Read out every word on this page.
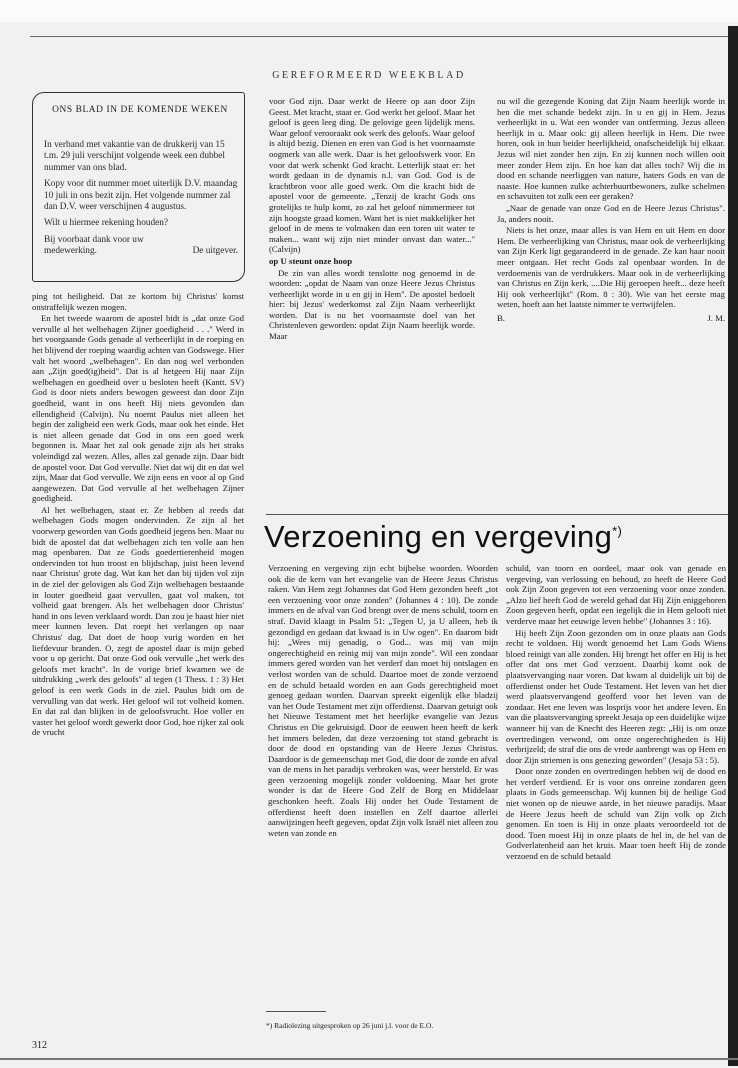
GEREFORMEERD WEEKBLAD
ONS BLAD IN DE KOMENDE WEKEN

In verband met vakantie van de drukkerij van 15 t.m. 29 juli verschijnt volgende week een dubbel nummer van ons blad.

Kopy voor dit nummer moet uiterlijk D.V. maandag 10 juli in ons bezit zijn. Het volgende nummer zal dan D.V. weer verschijnen 4 augustus.

Wilt u hiermee rekening houden?

Bij voorbaat dank voor uw medewerking.	De uitgever.

ping tot heiligheid. Dat ze kortom bij Christus' komst onstraffelijk wezen mogen.

En het tweede waarom de apostel bidt is „dat onze God vervulle al het welbehagen Zijner goedigheid . . ." Werd in het voorgaande Gods genade al verheerlijkt in de roeping en het blijvend der roeping waardig achten van Godswege. Hier valt het woord „welbehagen". En dan nog wel verbonden aan „Zijn goed(ig)heid". Dat is al hetgeen Hij naar Zijn welbehagen en goedheid over u besloten heeft (Kantt. SV) God is door niets anders bewogen geweest dan door Zijn goedheid, want in ons heeft Hij niets gevonden dan ellendigheid (Calvijn). Nu noemt Paulus niet alleen het begin der zaligheid een werk Gods, maar ook het einde. Het is niet alleen genade dat God in ons een goed werk begonnen is. Maar het zal ook genade zijn als het straks voleindigd zal wezen. Alles, alles zal genade zijn. Daar bidt de apostel voor. Dat God vervulle. Niet dat wij dit en dat wel zijn, Maar dat God vervulle. We zijn eens en voor al op God aangewezen. Dat God vervulle al het welbehagen Zijner goedigheid.

Al het welbehagen, staat er. Ze hebben al reeds dat welbehagen Gods mogen ondervinden. Ze zijn al het voorwerp geworden van Gods goedheid jegens hen. Maar nu bidt de apostel dat dat welbehagen zich ten volle aan hen mag openbaren. Dat ze Gods goedertierenheid mogen ondervinden tot hun troost en blijdschap, juist heen levend naar Christus' grote dag. Wat kan het dan bij tijden vol zijn in de ziel der gelovigen als God Zijn welbehagen bestaande in louter goedheid gaat vervullen, gaat vol maken, tot volheid gaat brengen. Als het welbehagen door Christus' hand in ons leven verklaard wordt. Dan zou je haast hier niet meer kunnen leven. Dat roept het verlangen op naar Christus' dag. Dat doet de hoop vurig worden en het liefdevuur branden. O, zegt de apostel daar is mijn gebed voor u op gericht. Dat onze God ook vervulle „het werk des geloofs met kracht". In de vorige brief kwamen we de uitdrukking „werk des geloofs" al tegen (1 Thess. 1 : 3) Het geloof is een werk Gods in de ziel. Paulus bidt om de vervulling van dat werk. Het geloof wil tot volheid komen. En dat zal dan blijken in de geloofsvrucht. Hoe voller en vaster het geloof wordt gewerkt door God, hoe rijker zal ook de vrucht

voor God zijn. Daar werkt de Heere op aan door Zijn Geest. Met kracht, staat er. God werkt het geloof. Maar het geloof is geen leeg ding. De gelovige geen lijdelijk mens. Waar geloof verooraakt ook werk des geloofs. Waar geloof is altijd bezig. Dienen en eren van God is het voornaamste oogmerk van alle werk. Daar is het geloofswerk voor. En voor dat werk schenkt God kracht. Letterlijk staat er: het wordt gedaan in de dynamis n.l. van God. God is de krachtbron voor alle goed werk. Om die kracht bidt de apostel voor de gemeente. „Tenzij de kracht Gods ons grotelijks te hulp komt, zo zal het geloof nimmermeer tot zijn hoogste graad komen. Want het is niet makkelijker het geloof in de mens te volmaken dan een toren uit water te maken... want wij zijn niet minder onvast dan water..." (Calvijn)

op U steunt onze hoop

De zin van alles wordt tenslotte nog genoemd in de woorden: „opdat de Naam van onze Heere Jezus Christus verheerlijkt worde in u en gij in Hem". De apostel bedoelt hier: bij Jezus' wederkomst zal Zijn Naam verheerlijkt worden. Dat is nu het voornaamste doel van het Christenleven geworden: opdat Zijn Naam heerlijk worde. Maar

nu wil die gezegende Koning dat Zijn Naam heerlijk worde in hen die met schande bedekt zijn. In u en gij in Hem. Jezus verheerlijkt in u. Wat een wonder van ontferming. Jezus alleen heerlijk in u. Maar ook: gij alleen heerlijk in Hem. Die twee horen, ook in hun beider heerlijkheid, onafscheidelijk bij elkaar. Jezus wil niet zonder hen zijn. En zij kunnen noch willen ooit meer zonder Hem zijn. En hoe kan dat alles toch? Wij die in dood en schande neerliggen van nature, haters Gods en van de naaste. Hoe kunnen zulke achterbuurtbewoners, zulke schelmen en schavuiten tot zulk een eer geraken?

„Naar de genade van onze God en de Heere Jezus Christus". Ja, anders nooit.

Niets is het onze, maar alles is van Hem en uit Hem en door Hem. De verheerlijking van Christus, maar ook de verheerlijking van Zijn Kerk ligt gegarandeerd in de genade. Ze kan haar nooit meer ontgaan. Het recht Gods zal openbaar worden. In de verdoemenis van de verdrukkers. Maar ook in de verheerlijking van Christus en Zijn kerk, ....Die Hij geroepen heeft... deze heeft Hij ook verheerlijkt" (Rom. 8 : 30). Wie van het eerste mag weten, hoeft aan het laatste nimmer te vertwijfelen.

B.	J. M.
Verzoening en vergeving*)

Verzoening en vergeving zijn echt bijbelse woorden. Woorden ook die de kern van het evangelie van de Heere Jezus Christus raken. Van Hem zegt Johannes dat God Hem gezonden heeft „tot een verzoening voor onze zonden" (Johannes 4 : 10). De zonde immers en de afval van God brengt over de mens schuld, toorn en straf. David klaagt in Psalm 51: „Tegen U, ja U alleen, heb ik gezondigd en gedaan dat kwaad is in Uw ogen". En daarom bidt hij: „Wees mij genadig, o God... was mij van mijn ongerechtigheid en reinig mij van mijn zonde". Wil een zondaar immers gered worden van het verderf dan moet hij ontslagen en verlost worden van de schuld. Daartoe moet de zonde verzoend en de schuld betaald worden en aan Gods gerechtigheid moet genoeg gedaan worden. Daarvan spreekt eigenlijk elke bladzij van het Oude Testament met zijn offerdienst. Daarvan getuigt ook het Nieuwe Testament met het heerlijke evangelie van Jezus Christus en Die gekruisigd. Door de eeuwen heen heeft de kerk het immers beleden, dat deze verzoening tot stand gebracht is door de dood en opstanding van de Heere Jezus Christus. Daardoor is de gemeenschap met God, die door de zonde en afval van de mens in het paradijs verbroken was, weer hersteld. Er was geen verzoening mogelijk zonder voldoening. Maar het grote wonder is dat de Heere God Zelf de Borg en Middelaar geschonken heeft. Zoals Hij onder het Oude Testament de offerdienst heeft doen instellen en Zelf daartoe allerlei aanwijzingen heeft gegeven, opdat Zijn volk Israël niet alleen zou weten van zonde en

schuld, van toorn en oordeel, maar ook van genade en vergeving, van verlossing en behoud, zo heeft de Heere God ook Zijn Zoon gegeven tot een verzoening voor onze zonden. „Alzo lief heeft God de wereld gehad dat Hij Zijn eniggeboren Zoon gegeven heeft, opdat een iegelijk die in Hem gelooft niet verderve maar het eeuwige leven hebbe" (Johannes 3 : 16).

Hij heeft Zijn Zoon gezonden om in onze plaats aan Gods recht te voldoen. Hij wordt genoemd het Lam Gods Wiens bloed reinigt van alle zonden. Hij brengt het offer en Hij is het offer dat ons met God verzoent. Daarbij komt ook de plaatsvervanging naar voren. Dat kwam al duidelijk uit bij de offerdienst onder het Oude Testament. Het leven van het dier werd plaatsvervangend geofferd voor het leven van de zondaar. Het ene leven was losprijs voor het andere leven. En van die plaatsvervanging spreekt Jesaja op een duidelijke wijze wanneer hij van de Knecht des Heeren zegt: „Hij is om onze overtredingen verwond, om onze ongerechtigheden is Hij verbrijzeld; de straf die ons de vrede aanbrengt was op Hem en door Zijn striemen is ons genezing geworden" (Jesaja 53 : 5).

Door onze zonden en overtredingen hebben wij de dood en het verderf verdiend. Er is voor ons onreine zondaren geen plaats in Gods gemeenschap. Wij kunnen bij de heilige God niet wonen op de nieuwe aarde, in het nieuwe paradijs. Maar de Heere Jezus heeft de schuld van Zijn volk op Zich genomen. En toen is Hij in onze plaats veroordeeld tot de dood. Toen moest Hij in onze plaats de hel in, de hel van de Godverlatenheid aan het kruis. Maar toen heeft Hij de zonde verzoend en de schuld betaald

*) Radiolezing uitgesproken op 26 juni j.l. voor de E.O.
312
